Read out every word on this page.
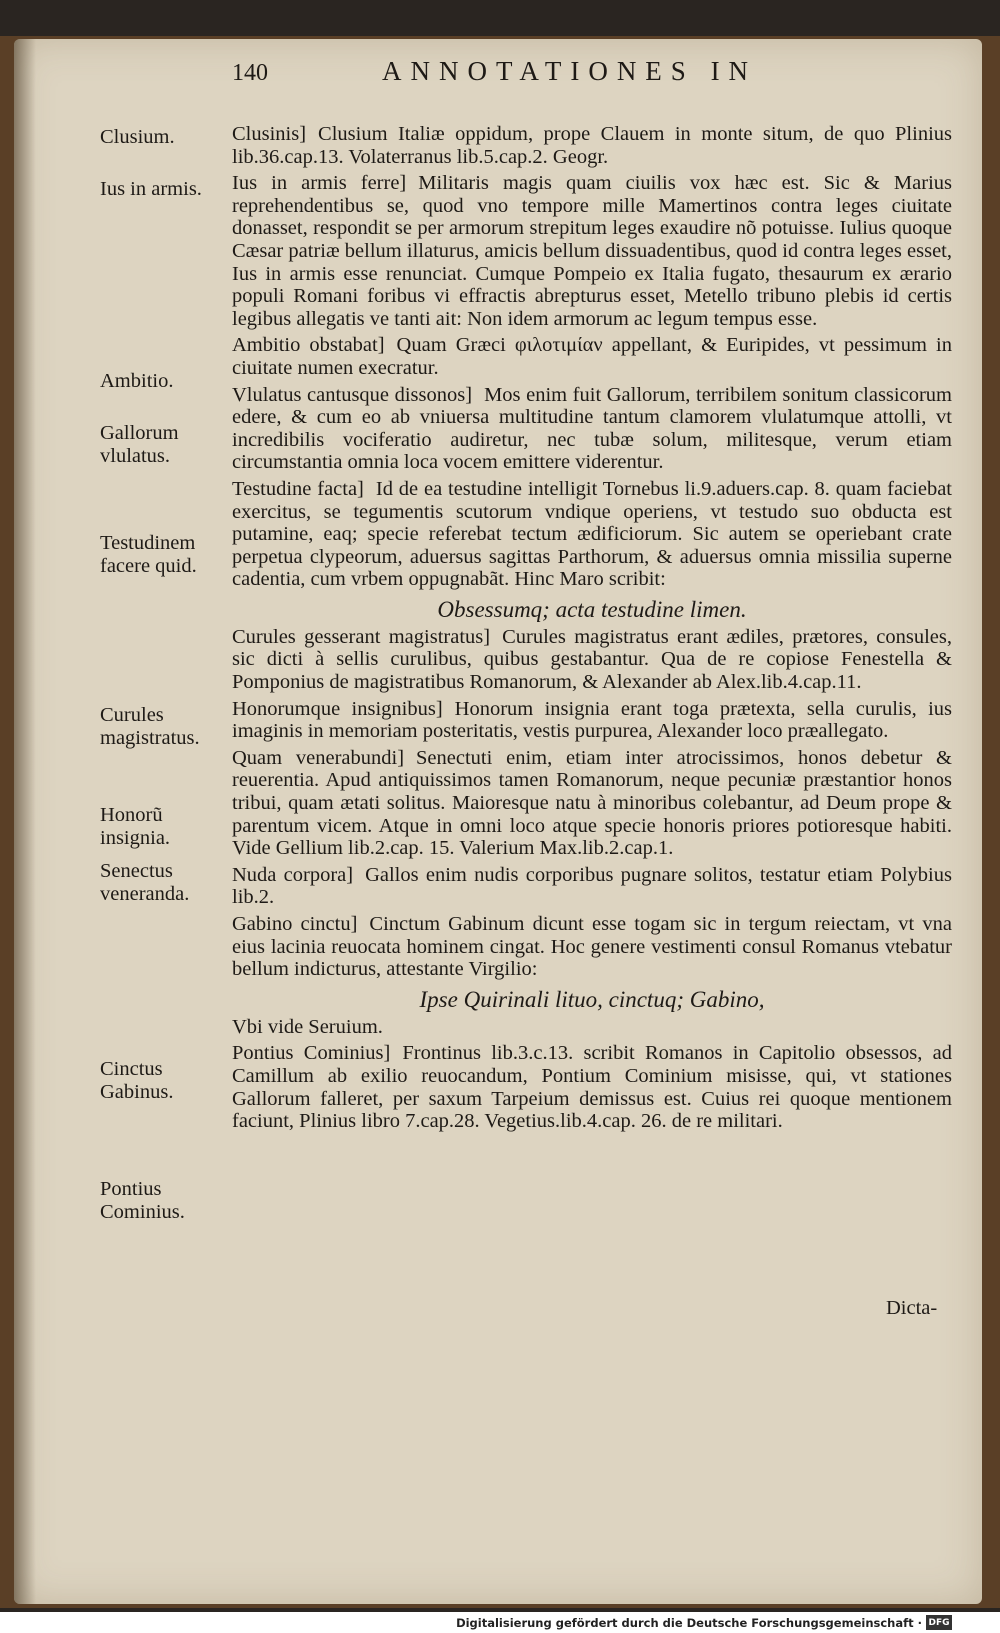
140	ANNOTATIONES IN
Clusium.
Ius in armis.
Ambitio.
Gallorum vlulatus.
Testudinem facere quid.
Curules magistratus.
Honorũ insignia.
Senectus veneranda.
Cinctus Gabinus.
Pontius Cominius.

Clusinis] Clusium Italiæ oppidum, prope Clauem in monte situm, de quo Plinius lib.36.cap.13. Volaterranus lib.5.cap.2. Geogr.

Ius in armis ferre] Militaris magis quam ciuilis vox hæc est. Sic & Marius reprehendentibus se, quod vno tempore mille Mamertinos contra leges ciuitate donasset, respondit se per armorum strepitum leges exaudire nõ potuisse. Iulius quoque Cæsar patriæ bellum illaturus, amicis bellum dissuadentibus, quod id contra leges esset, Ius in armis esse renunciat. Cumque Pompeio ex Italia fugato, thesaurum ex ærario populi Romani foribus vi effractis abrepturus esset, Metello tribuno plebis id certis legibus allegatis ve tanti ait: Non idem armorum ac legum tempus esse.

Ambitio obstabat] Quam Græci φιλοτιμίαν appellant, & Euripides, vt pessimum in ciuitate numen execratur.

Vlulatus cantusque dissonos] Mos enim fuit Gallorum, terribilem sonitum classicorum edere, & cum eo ab vniuersa multitudine tantum clamorem vlulatumque attolli, vt incredibilis vociferatio audiretur, nec tubæ solum, militesque, verum etiam circumstantia omnia loca vocem emittere viderentur.

Testudine facta] Id de ea testudine intelligit Tornebus li.9.aduers.cap. 8. quam faciebat exercitus, se tegumentis scutorum vndique operiens, vt testudo suo obducta est putamine, eaq; specie referebat tectum ædificiorum. Sic autem se operiebant crate perpetua clypeorum, aduersus sagittas Parthorum, & aduersus omnia missilia superne cadentia, cum vrbem oppugnabãt. Hinc Maro scribit:

Obsessumq; acta testudine limen.

Curules gesserant magistratus] Curules magistratus erant ædiles, prætores, consules, sic dicti à sellis curulibus, quibus gestabantur. Qua de re copiose Fenestella & Pomponius de magistratibus Romanorum, & Alexander ab Alex.lib.4.cap.11.

Honorumque insignibus] Honorum insignia erant toga prætexta, sella curulis, ius imaginis in memoriam posteritatis, vestis purpurea, Alexander loco præallegato.

Quam venerabundi] Senectuti enim, etiam inter atrocissimos, honos debetur & reuerentia. Apud antiquissimos tamen Romanorum, neque pecuniæ præstantior honos tribui, quam ætati solitus. Maioresque natu à minoribus colebantur, ad Deum prope & parentum vicem. Atque in omni loco atque specie honoris priores potioresque habiti. Vide Gellium lib.2.cap. 15. Valerium Max.lib.2.cap.1.

Nuda corpora] Gallos enim nudis corporibus pugnare solitos, testatur etiam Polybius lib.2.

Gabino cinctu] Cinctum Gabinum dicunt esse togam sic in tergum reiectam, vt vna eius lacinia reuocata hominem cingat. Hoc genere vestimenti consul Romanus vtebatur bellum indicturus, attestante Virgilio:

Ipse Quirinali lituo, cinctuq; Gabino,
Vbi vide Seruium.

Pontius Cominius] Frontinus lib.3.c.13. scribit Romanos in Capitolio obsessos, ad Camillum ab exilio reuocandum, Pontium Cominium misisse, qui, vt stationes Gallorum falleret, per saxum Tarpeium demissus est. Cuius rei quoque mentionem faciunt, Plinius libro 7.cap.28. Vegetius.lib.4.cap. 26. de re militari.

Dicta-
Digitalisierung gefördert durch die Deutsche Forschungsgemeinschaft · DFG
